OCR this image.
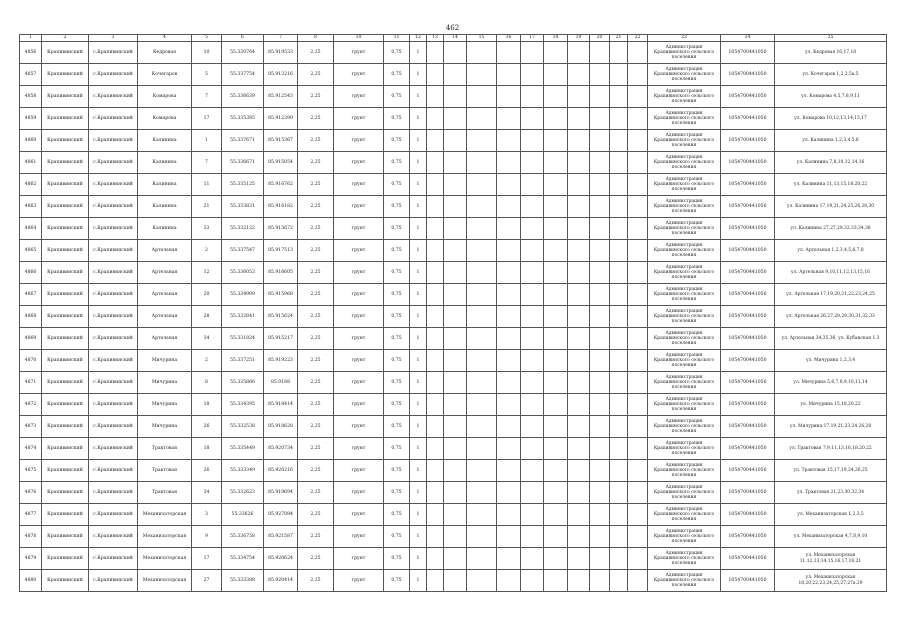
462
1	2	3	4	5	6	7	8	10	11	12	13	14	15	16	17	18	19	20	21	22	23	24	25
4856	Крапивинский	с.Крапивинский	Кедровая	10	55.330764	85.919533	2,25	грунт	0,75	1											Администрация Крапивинского сельского поселения	1054700441050	ул. Кедровая 16,17,18
4857	Крапивинский	с.Крапивинский	Кочегаров	5	55.337754	85.913216	2,25	грунт	0,75	1											Администрация Крапивинского сельского поселения	1054700441050	ул. Кочегаров 1,2,3,5а,5
4858	Крапивинский	с.Крапивинский	Комарова	7	55.336639	85.912543	2,25	грунт	0,75	1											Администрация Крапивинского сельского поселения	1054700441050	ул. Комарова 4,5,7,8,9,11
4859	Крапивинский	с.Крапивинский	Комарова	17	55.335385	85.912399	2,25	грунт	0,75	1											Администрация Крапивинского сельского поселения	1054700441050	ул. Комарова 10,12,13,14,15,17
4860	Крапивинский	с.Крапивинский	Калинина	1	55.337671	85.915367	2,25	грунт	0,75	1											Администрация Крапивинского сельского поселения	1054700441050	ул. Калинина 1,2,3,4,5,6
4861	Крапивинский	с.Крапивинский	Калинина	7	55.336671	85.915054	2,25	грунт	0,75	1											Администрация Крапивинского сельского поселения	1054700441050	ул. Калинина 7,8,10,12,14,16
4862	Крапивинский	с.Крапивинский	Калинина	11	55.335125	85.916762	2,25	грунт	0,75	1											Администрация Крапивинского сельского поселения	1054700441050	ул. Калинина 11,13,15,18,20,22
4863	Крапивинский	с.Крапивинский	Калинина	21	55.333831	85.916182	2,25	грунт	0,75	1											Администрация Крапивинского сельского поселения	1054700441050	ул. Калинина 17,19,21,24,25,26,28,30
4864	Крапивинский	с.Крапивинский	Калинина	33	55.332122	85.915672	2,25	грунт	0,75	1											Администрация Крапивинского сельского поселения	1054700441050	ул. Калинина 27,27,29,32,33,34,36
4865	Крапивинский	с.Крапивинский	Артельная	2	55.337547	85.917513	2,25	грунт	0,75	1											Администрация Крапивинского сельского поселения	1054700441050	ул. Артельная 1,2,3,4,5,6,7,8
4866	Крапивинский	с.Крапивинский	Артельная	12	55.336053	85.916605	2,25	грунт	0,75	1											Администрация Крапивинского сельского поселения	1054700441050	ул. Артельная 9,10,11,12,13,15,16
4867	Крапивинский	с.Крапивинский	Артельная	20	55.334909	85.915968	2,25	грунт	0,75	1											Администрация Крапивинского сельского поселения	1054700441050	ул. Артельная 17,19,20,21,22,23,24,25
4868	Крапивинский	с.Крапивинский	Артельная	28	55.332841	85.915624	2,25	грунт	0,75	1											Администрация Крапивинского сельского поселения	1054700441050	ул. Артельная 26,27,28,29,30,31,32,33
4869	Крапивинский	с.Крапивинский	Артельная	34	55.331824	85.915217	2,25	грунт	0,75	1											Администрация Крапивинского сельского поселения	1054700441050	ул. Артельная 34,35,36, ул. Кубанская 1,3
4870	Крапивинский	с.Крапивинский	Мичурина	2	55.337251	85.919223	2,25	грунт	0,75	1											Администрация Крапивинского сельского поселения	1054700441050	ул. Мичурина 1,2,3,4
4871	Крапивинский	с.Крапивинский	Мичурина	8	55.335866	85.9188	2,25	грунт	0,75	1											Администрация Крапивинского сельского поселения	1054700441050	ул. Мичурина 5,6,7,8,9,10,11,14
4872	Крапивинский	с.Крапивинский	Мичурина	18	55.334395	85.918414	2,25	грунт	0,75	1											Администрация Крапивинского сельского поселения	1054700441050	ул. Мичурина 15,18,20,22
4873	Крапивинский	с.Крапивинский	Мичурина	26	55.332538	85.918628	2,25	грунт	0,75	1											Администрация Крапивинского сельского поселения	1054700441050	ул. Мичурина 17,19,21,23,24,26,28
4874	Крапивинский	с.Крапивинский	Трактовая	18	55.335449	85.920734	2,25	грунт	0,75	1											Администрация Крапивинского сельского поселения	1054700441050	ул. Трактовая 7,9,11,13,16,18,20,22
4875	Крапивинский	с.Крапивинский	Трактовая	26	55.333349	85.920216	2,25	грунт	0,75	1											Администрация Крапивинского сельского поселения	1054700441050	ул. Трактовая 15,17,19,24,26,25
4876	Крапивинский	с.Крапивинский	Трактовая	34	55.332623	85.919694	2,25	грунт	0,75	1											Администрация Крапивинского сельского поселения	1054700441050	ул. Трактовая 21,23,30,32,34
4877	Крапивинский	с.Крапивинский	Механизаторская	3	55.33626	85.927084	2,25	грунт	0,75	1											Администрация Крапивинского сельского поселения	1054700441050	ул. Механизаторская 1,2,3,5
4878	Крапивинский	с.Крапивинский	Механизаторская	9	55.336758	85.921587	2,25	грунт	0,75	1											Администрация Крапивинского сельского поселения	1054700441050	ул. Механизаторская 4,7,8,9,10
4879	Крапивинский	с.Крапивинский	Механизаторская	17	55.334754	85.920624	2,25	грунт	0,75	1											Администрация Крапивинского сельского поселения	1054700441050	ул. Механизаторская 11,12,13,14,15,16,17,18,21
4880	Крапивинский	с.Крапивинский	Механизаторская	27	55.333388	85.920414	2,25	грунт	0,75	1											Администрация Крапивинского сельского поселения	1054700441050	ул. Механизаторская 18,20,22,23,24,25,27,27а,29
